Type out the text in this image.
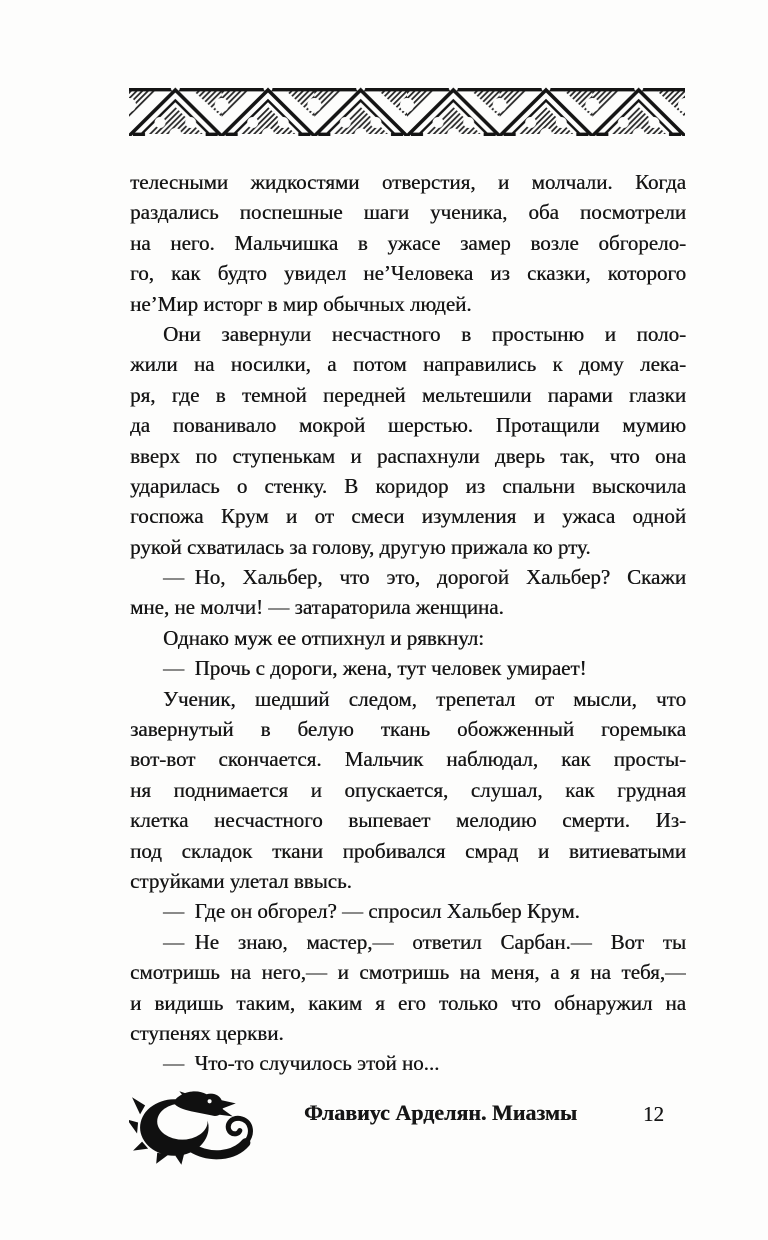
телесными жидкостями отверстия, и молчали. Когда
раздались поспешные шаги ученика, оба посмотрели
на него. Мальчишка в ужасе замер возле обгорело-
го, как будто увидел не’Человека из сказки, которого
не’Мир исторг в мир обычных людей.
Они завернули несчастного в простыню и поло-
жили на носилки, а потом направились к дому лека-
ря, где в темной передней мельтешили парами глазки
да пованивало мокрой шерстью. Протащили мумию
вверх по ступенькам и распахнули дверь так, что она
ударилась о стенку. В коридор из спальни выскочила
госпожа Крум и от смеси изумления и ужаса одной
рукой схватилась за голову, другую прижала ко рту.
— Но, Хальбер, что это, дорогой Хальбер? Скажи
мне, не молчи! — затараторила женщина.
Однако муж ее отпихнул и рявкнул:
— Прочь с дороги, жена, тут человек умирает!
Ученик, шедший следом, трепетал от мысли, что
завернутый в белую ткань обожженный горемыка
вот-вот скончается. Мальчик наблюдал, как просты-
ня поднимается и опускается, слушал, как грудная
клетка несчастного выпевает мелодию смерти. Из-
под складок ткани пробивался смрад и витиеватыми
струйками улетал ввысь.
— Где он обгорел? — спросил Хальбер Крум.
— Не знаю, мастер,— ответил Сарбан.— Вот ты
смотришь на него,— и смотришь на меня, а я на тебя,—
и видишь таким, каким я его только что обнаружил на
ступенях церкви.
— Что-то случилось этой но...
Флавиус Арделян. Миазмы	12
